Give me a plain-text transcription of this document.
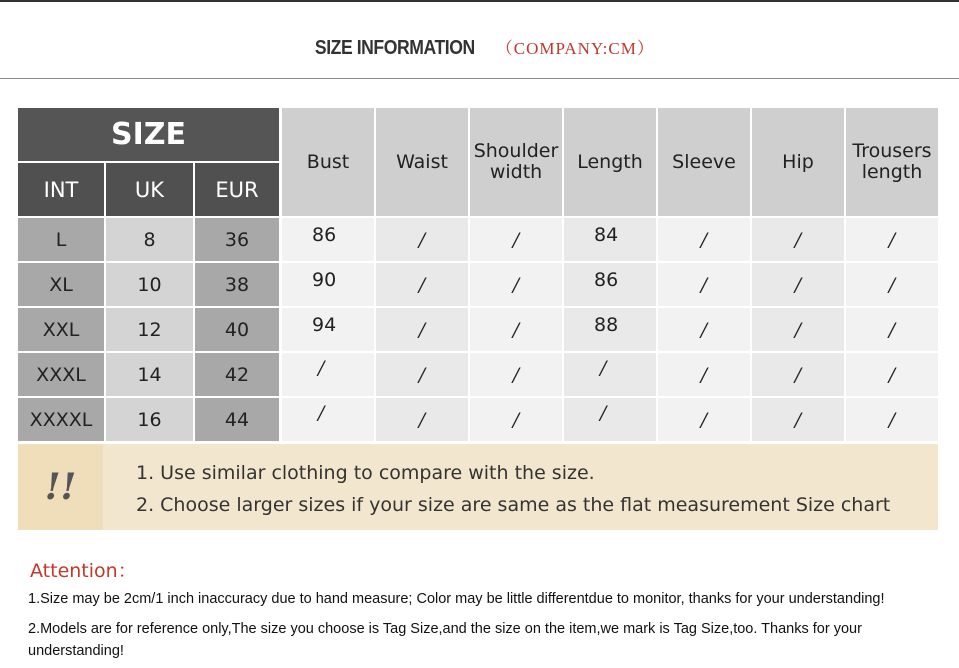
SIZE INFORMATION （COMPANY:CM）
SIZE
INT	UK	EUR
Bust	Waist	Shoulder width	Length	Sleeve	Hip	Trousers length
L	8	36	86	/	/	84	/	/	/
XL	10	38	90	/	/	86	/	/	/
XXL	12	40	94	/	/	88	/	/	/
XXXL	14	42	/	/	/	/	/	/	/
XXXXL	16	44	/	/	/	/	/	/	/
!!	1. Use similar clothing to compare with the size.
2. Choose larger sizes if your size are same as the flat measurement Size chart
Attention：
1.Size may be 2cm/1 inch inaccuracy due to hand measure; Color may be little differentdue to monitor, thanks for your understanding!
2.Models are for reference only,The size you choose is Tag Size,and the size on the item,we mark is Tag Size,too. Thanks for your understanding!
